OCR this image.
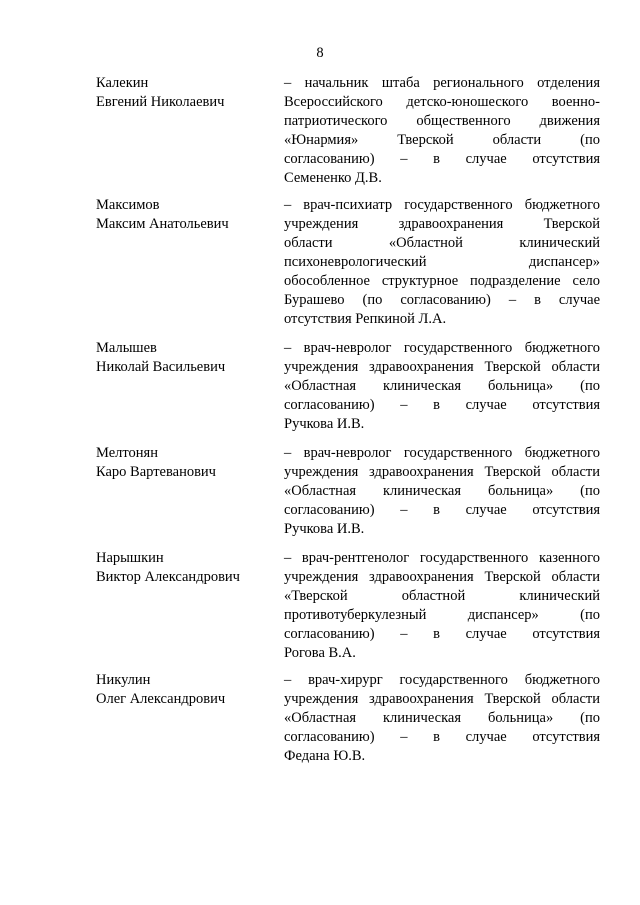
8
Калекин
Евгений Николаевич
– начальник штаба регионального отделения
Всероссийского детско-юношеского военно-
патриотического общественного движения
«Юнармия» Тверской области (по
согласованию) – в случае отсутствия
Семененко Д.В.
Максимов
Максим Анатольевич
– врач-психиатр государственного бюджетного
учреждения здравоохранения Тверской
области «Областной клинический
психоневрологический диспансер»
обособленное структурное подразделение село
Бурашево (по согласованию) – в случае
отсутствия Репкиной Л.А.
Малышев
Николай Васильевич
– врач-невролог государственного бюджетного
учреждения здравоохранения Тверской области
«Областная клиническая больница» (по
согласованию) – в случае отсутствия
Ручкова И.В.
Мелтонян
Каро Вартеванович
– врач-невролог государственного бюджетного
учреждения здравоохранения Тверской области
«Областная клиническая больница» (по
согласованию) – в случае отсутствия
Ручкова И.В.
Нарышкин
Виктор Александрович
– врач-рентгенолог государственного казенного
учреждения здравоохранения Тверской области
«Тверской областной клинический
противотуберкулезный диспансер» (по
согласованию) – в случае отсутствия
Рогова В.А.
Никулин
Олег Александрович
– врач-хирург государственного бюджетного
учреждения здравоохранения Тверской области
«Областная клиническая больница» (по
согласованию) – в случае отсутствия
Федана Ю.В.
